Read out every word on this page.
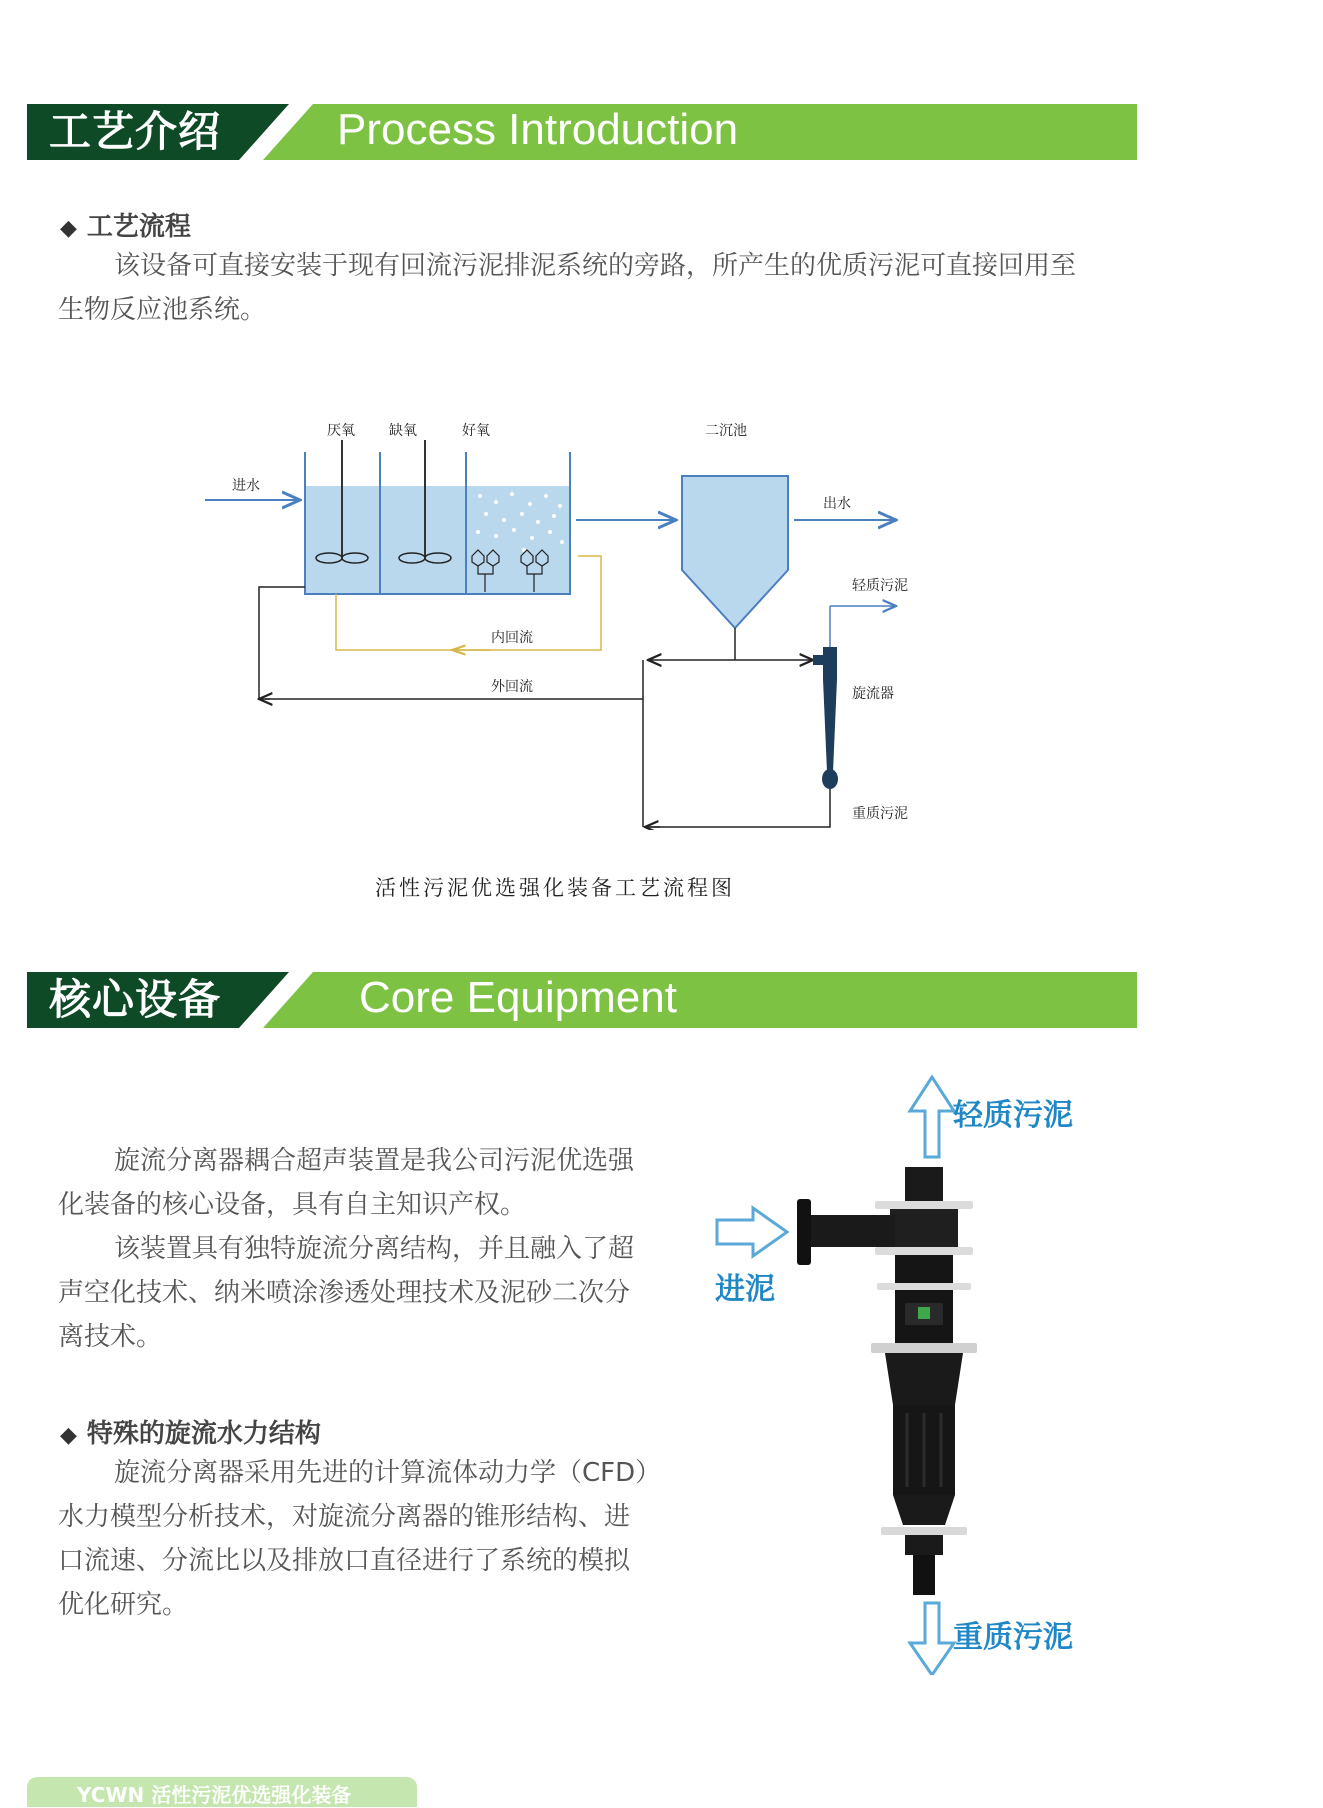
工艺介绍	Process Introduction
◆ 工艺流程

该设备可直接安装于现有回流污泥排泥系统的旁路，所产生的优质污泥可直接回用至生物反应池系统。

厌氧 缺氧	好氧
进水
二沉池
出水
内回流
外回流
轻质污泥
旋流器
重质污泥
活性污泥优选强化装备工艺流程图
核心设备	Core Equipment

旋流分离器耦合超声装置是我公司污泥优选强化装备的核心设备，具有自主知识产权。

该装置具有独特旋流分离结构，并且融入了超声空化技术、纳米喷涂渗透处理技术及泥砂二次分离技术。

◆ 特殊的旋流水力结构

旋流分离器采用先进的计算流体动力学（CFD）水力模型分析技术，对旋流分离器的锥形结构、进口流速、分流比以及排放口直径进行了系统的模拟优化研究。

轻质污泥
进泥
重质污泥
YCWN 活性污泥优选强化装备
